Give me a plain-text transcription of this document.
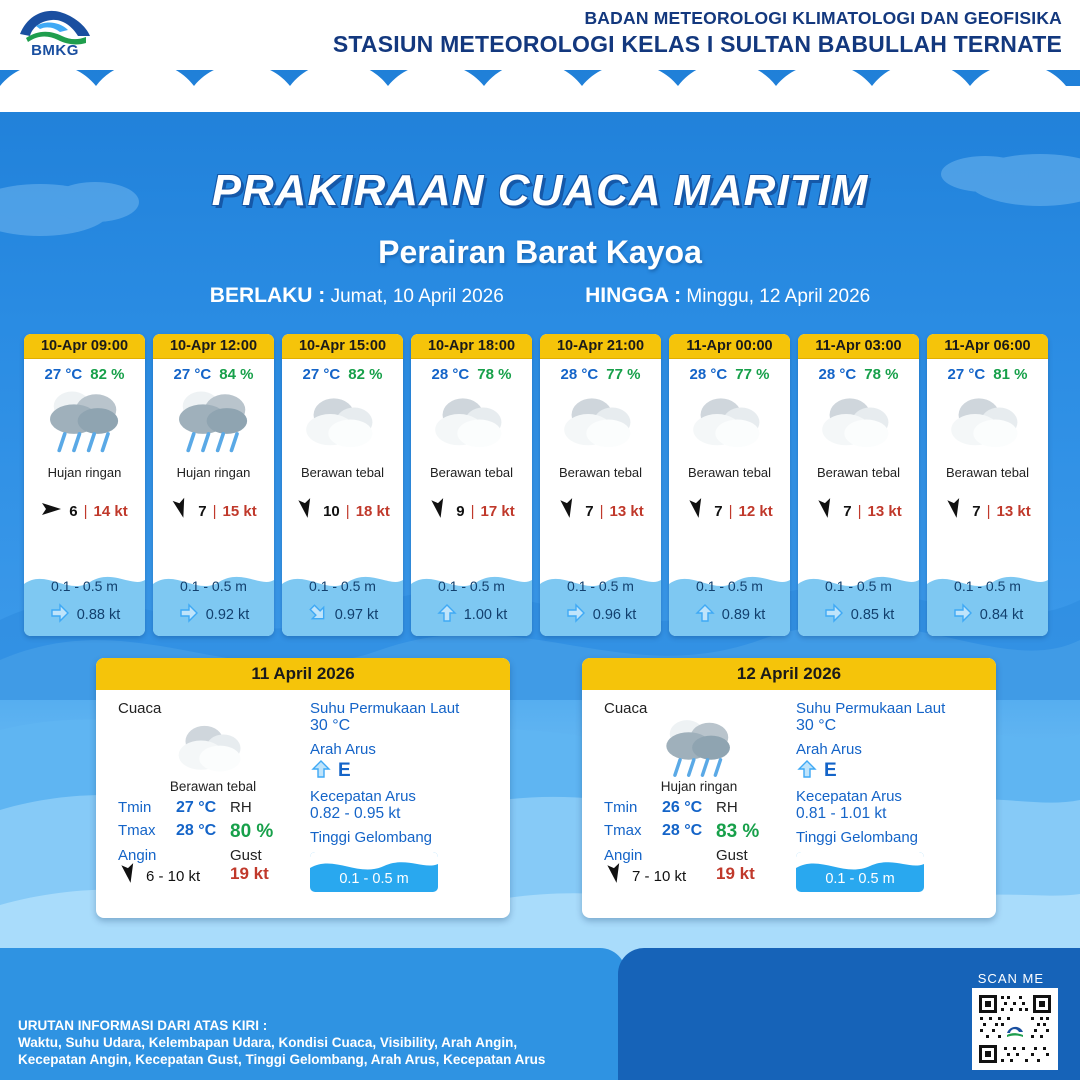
BMKG
BADAN METEOROLOGI KLIMATOLOGI DAN GEOFISIKA
STASIUN METEOROLOGI KELAS I SULTAN BABULLAH TERNATE
PRAKIRAAN CUACA MARITIM
Perairan Barat Kayoa
BERLAKU : Jumat, 10 April 2026	HINGGA : Minggu, 12 April 2026
10-Apr 09:00
27 °C 82 %
Hujan ringan
6 | 14 kt
0.1 - 0.5 m
0.88 kt
10-Apr 12:00
27 °C 84 %
Hujan ringan
7 | 15 kt
0.1 - 0.5 m
0.92 kt
10-Apr 15:00
27 °C 82 %
Berawan tebal
10 | 18 kt
0.1 - 0.5 m
0.97 kt
10-Apr 18:00
28 °C 78 %
Berawan tebal
9 | 17 kt
0.1 - 0.5 m
1.00 kt
10-Apr 21:00
28 °C 77 %
Berawan tebal
7 | 13 kt
0.1 - 0.5 m
0.96 kt
11-Apr 00:00
28 °C 77 %
Berawan tebal
7 | 12 kt
0.1 - 0.5 m
0.89 kt
11-Apr 03:00
28 °C 78 %
Berawan tebal
7 | 13 kt
0.1 - 0.5 m
0.85 kt
11-Apr 06:00
27 °C 81 %
Berawan tebal
7 | 13 kt
0.1 - 0.5 m
0.84 kt
11 April 2026
Cuaca
Berawan tebal
Tmin	27 °C
Tmax	28 °C
RH
80 %
Angin
6 - 10 kt
Gust
19 kt
Suhu Permukaan Laut
30 °C
Arah Arus
E
Kecepatan Arus
0.82 - 0.95 kt
Tinggi Gelombang
0.1 - 0.5 m
12 April 2026
Cuaca
Hujan ringan
Tmin	26 °C
Tmax	28 °C
RH
83 %
Angin
7 - 10 kt
Gust
19 kt
Suhu Permukaan Laut
30 °C
Arah Arus
E
Kecepatan Arus
0.81 - 1.01 kt
Tinggi Gelombang
0.1 - 0.5 m
URUTAN INFORMASI DARI ATAS KIRI :
Waktu, Suhu Udara, Kelembapan Udara, Kondisi Cuaca, Visibility, Arah Angin,
Kecepatan Angin, Kecepatan Gust, Tinggi Gelombang, Arah Arus, Kecepatan Arus
SCAN ME
